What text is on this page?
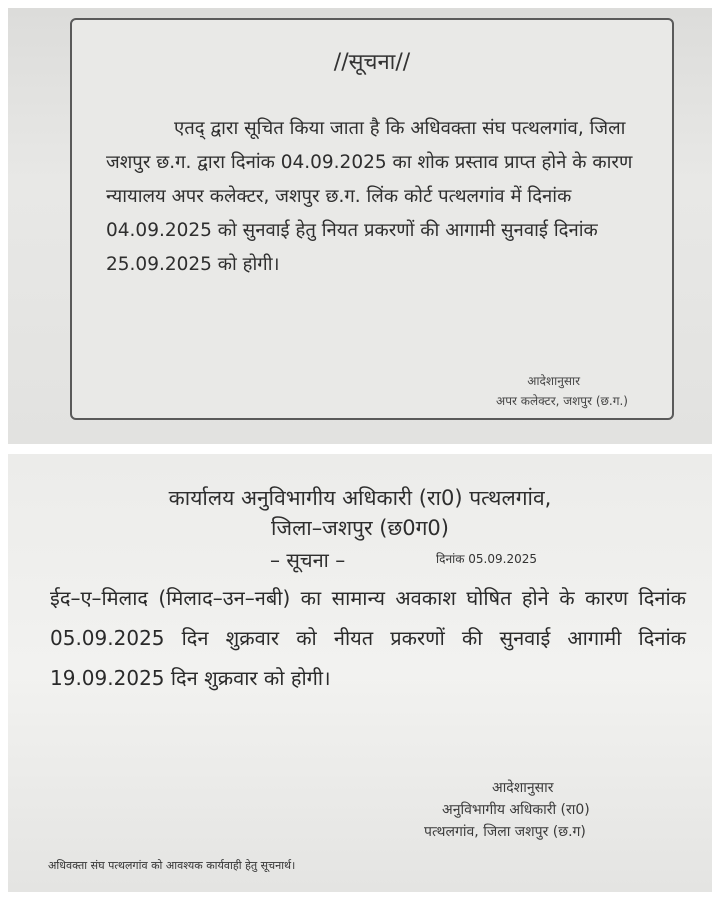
//सूचना//

एतद् द्वारा सूचित किया जाता है कि अधिवक्ता संघ पत्थलगांव, जिला जशपुर छ.ग. द्वारा दिनांक 04.09.2025 का शोक प्रस्ताव प्राप्त होने के कारण न्यायालय अपर कलेक्टर, जशपुर छ.ग. लिंक कोर्ट पत्थलगांव में दिनांक 04.09.2025 को सुनवाई हेतु नियत प्रकरणों की आगामी सुनवाई दिनांक 25.09.2025 को होगी।

आदेशानुसार
अपर कलेक्टर, जशपुर (छ.ग.)
कार्यालय अनुविभागीय अधिकारी (रा0) पत्थलगांव,
जिला–जशपुर (छ0ग0)
– सूचना –	दिनांक 05.09.2025

ईद–ए–मिलाद (मिलाद–उन–नबी) का सामान्य अवकाश घोषित होने के कारण दिनांक 05.09.2025 दिन शुक्रवार को नीयत प्रकरणों की सुनवाई आगामी दिनांक 19.09.2025 दिन शुक्रवार को होगी।

आदेशानुसार
अनुविभागीय अधिकारी (रा0)
पत्थलगांव, जिला जशपुर (छ.ग)
अधिवक्ता संघ पत्थलगांव को आवश्यक कार्यवाही हेतु सूचनार्थ।
